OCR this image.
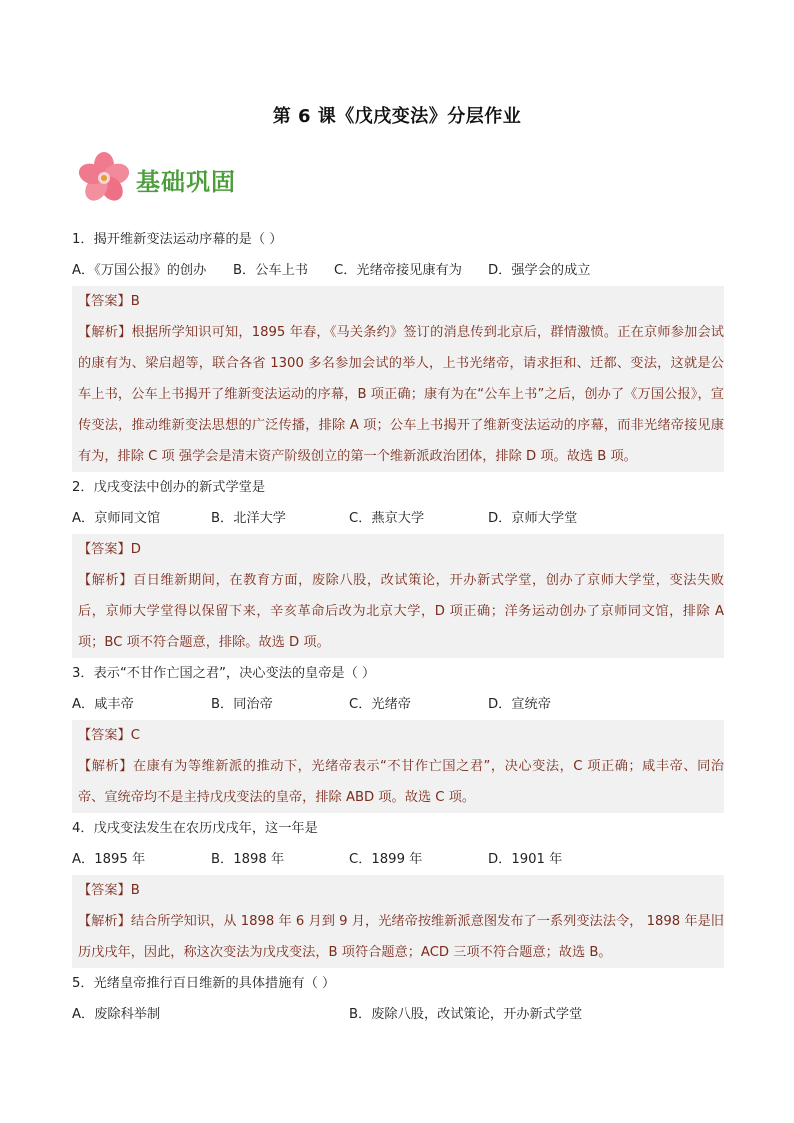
第 6 课《戊戌变法》分层作业
基础巩固
1．揭开维新变法运动序幕的是（ ）
A．《万国公报》的创办 B．公车上书 C．光绪帝接见康有为 D．强学会的成立
【答案】B
【解析】根据所学知识可知，1895 年春，《马关条约》签订的消息传到北京后，群情激愤。正在京师参加会试的康有为、梁启超等，联合各省 1300 多名参加会试的举人，上书光绪帝，请求拒和、迁都、变法，这就是公车上书，公车上书揭开了维新变法运动的序幕，B 项正确；康有为在“公车上书”之后，创办了《万国公报》，宣传变法，推动维新变法思想的广泛传播，排除 A 项；公车上书揭开了维新变法运动的序幕，而非光绪帝接见康有为，排除 C 项 强学会是清末资产阶级创立的第一个维新派政治团体，排除 D 项。故选 B 项。
2．戊戌变法中创办的新式学堂是
A．京师同文馆	B．北洋大学	C．燕京大学	D．京师大学堂
【答案】D
【解析】百日维新期间，在教育方面，废除八股，改试策论，开办新式学堂，创办了京师大学堂，变法失败后，京师大学堂得以保留下来，辛亥革命后改为北京大学，D 项正确；洋务运动创办了京师同文馆，排除 A 项；BC 项不符合题意，排除。故选 D 项。
3．表示“不甘作亡国之君”，决心变法的皇帝是（ ）
A．咸丰帝	B．同治帝	C．光绪帝	D．宣统帝
【答案】C
【解析】在康有为等维新派的推动下，光绪帝表示“不甘作亡国之君”，决心变法，C 项正确；咸丰帝、同治帝、宣统帝均不是主持戊戌变法的皇帝，排除 ABD 项。故选 C 项。
4．戊戌变法发生在农历戊戌年，这一年是
A．1895 年	B．1898 年	C．1899 年	D．1901 年
【答案】B
【解析】结合所学知识，从 1898 年 6 月到 9 月，光绪帝按维新派意图发布了一系列变法法令， 1898 年是旧历戊戌年，因此，称这次变法为戊戌变法，B 项符合题意；ACD 三项不符合题意；故选 B。
5．光绪皇帝推行百日维新的具体措施有（ ）
A．废除科举制	B．废除八股，改试策论，开办新式学堂
